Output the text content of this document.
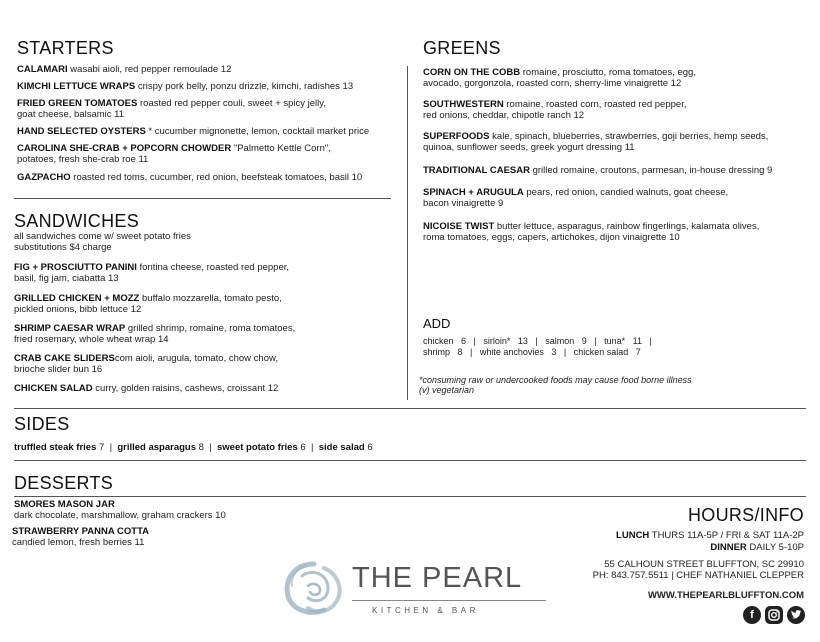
STARTERS
CALAMARI wasabi aioli, red pepper remoulade 12
KIMCHI LETTUCE WRAPS crispy pork belly, ponzu drizzle, kimchi, radishes 13
FRIED GREEN TOMATOES roasted red pepper couli, sweet + spicy jelly,
goat cheese, balsamic 11
HAND SELECTED OYSTERS * cucumber mignonette, lemon, cocktail market price
CAROLINA SHE-CRAB + POPCORN CHOWDER "Palmetto Kettle Corn",
potatoes, fresh she-crab roe 11
GAZPACHO roasted red toms, cucumber, red onion, beefsteak tomatoes, basil 10
SANDWICHES
all sandwiches come w/ sweet potato fries
substitutions $4 charge
FIG + PROSCIUTTO PANINI fontina cheese, roasted red pepper,
basil, fig jam, ciabatta 13
GRILLED CHICKEN + MOZZ buffalo mozzarella, tomato pesto,
pickled onions, bibb lettuce 12
SHRIMP CAESAR WRAP grilled shrimp, romaine, roma tomatoes,
fried rosemary, whole wheat wrap 14
CRAB CAKE SLIDERScom aioli, arugula, tomato, chow chow,
brioche slider bun 16
CHICKEN SALAD curry, golden raisins, cashews, croissant 12
GREENS
CORN ON THE COBB romaine, prosciutto, roma tomatoes, egg,
avocado, gorgonzola, roasted corn, sherry-lime vinaigrette 12
SOUTHWESTERN romaine, roasted corn, roasted red pepper,
red onions, cheddar, chipotle ranch 12
SUPERFOODS kale, spinach, blueberries, strawberries, goji berries, hemp seeds,
quinoa, sunflower seeds, greek yogurt dressing 11
TRADITIONAL CAESAR grilled romaine, croutons, parmesan, in-house dressing 9
SPINACH + ARUGULA pears, red onion, candied walnuts, goat cheese,
bacon vinaigrette 9
NICOISE TWIST butter lettuce, asparagus, rainbow fingerlings, kalamata olives,
roma tomatoes, eggs, capers, artichokes, dijon vinaigrette 10
ADD
chicken   6   |   sirloin*   13   |   salmon   9   |   tuna*   11   |
shrimp   8   |   white anchovies   3   |   chicken salad   7
*consuming raw or undercooked foods may cause food borne illness
(v) vegetarian
SIDES
truffled steak fries 7  |  grilled asparagus 8  |  sweet potato fries 6  |  side salad 6
DESSERTS
SMORES MASON JAR
dark chocolate, marshmallow, graham crackers 10
STRAWBERRY PANNA COTTA
candied lemon, fresh berries 11
THE PEARL
KITCHEN & BAR
HOURS/INFO
LUNCH THURS 11A-5P / FRI & SAT 11A-2P
DINNER DAILY 5-10P
55 CALHOUN STREET BLUFFTON, SC 29910
PH: 843.757.5511 | CHEF NATHANIEL CLEPPER
WWW.THEPEARLBLUFFTON.COM
f
